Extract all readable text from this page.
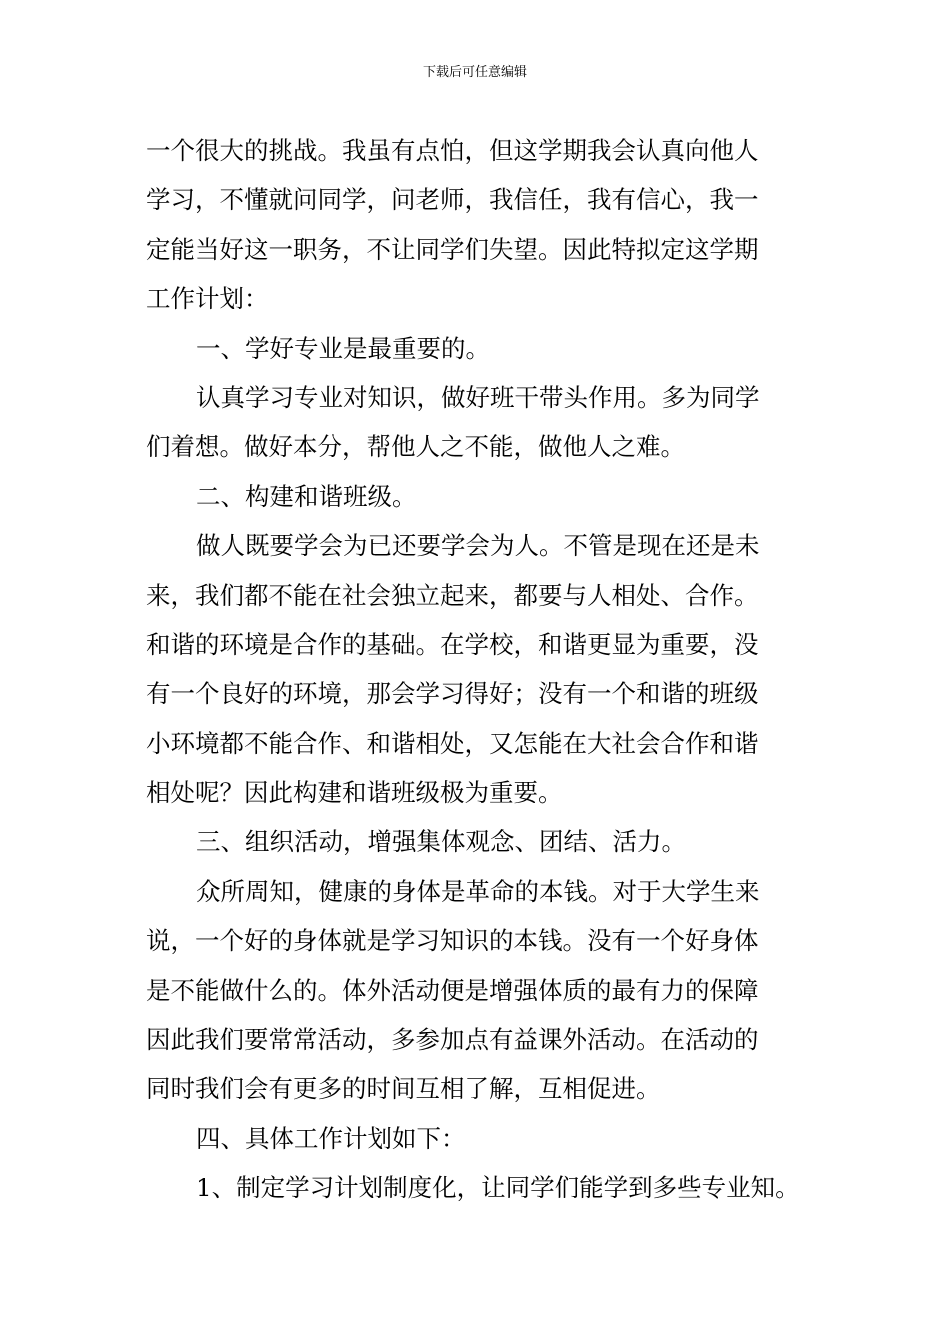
下载后可任意编辑
一个很大的挑战。我虽有点怕，但这学期我会认真向他人
学习，不懂就问同学，问老师，我信任，我有信心，我一
定能当好这一职务，不让同学们失望。因此特拟定这学期
工作计划：
一、学好专业是最重要的。
认真学习专业对知识，做好班干带头作用。多为同学
们着想。做好本分，帮他人之不能，做他人之难。
二、构建和谐班级。
做人既要学会为已还要学会为人。不管是现在还是未
来，我们都不能在社会独立起来，都要与人相处、合作。
和谐的环境是合作的基础。在学校，和谐更显为重要，没
有一个良好的环境，那会学习得好；没有一个和谐的班级
小环境都不能合作、和谐相处，又怎能在大社会合作和谐
相处呢？因此构建和谐班级极为重要。
三、组织活动，增强集体观念、团结、活力。
众所周知，健康的身体是革命的本钱。对于大学生来
说，一个好的身体就是学习知识的本钱。没有一个好身体
是不能做什么的。体外活动便是增强体质的最有力的保障
因此我们要常常活动，多参加点有益课外活动。在活动的
同时我们会有更多的时间互相了解，互相促进。
四、具体工作计划如下：
1、制定学习计划制度化，让同学们能学到多些专业知。
